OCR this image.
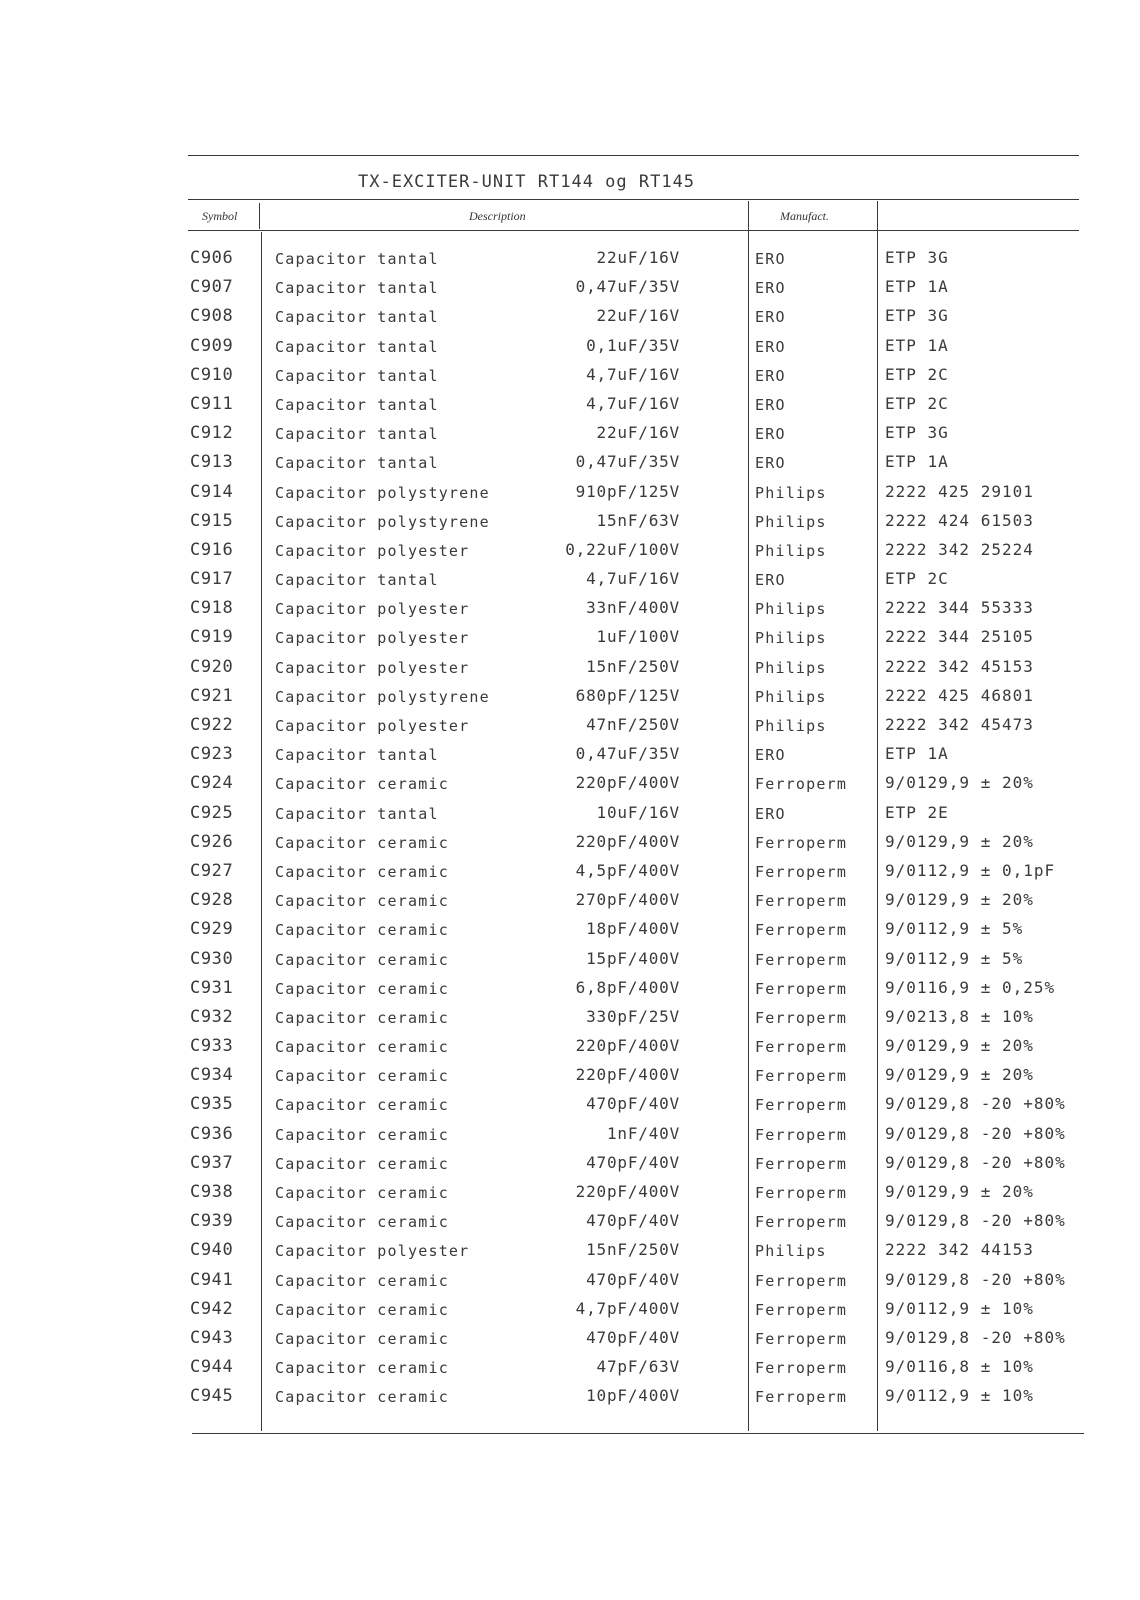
TX-EXCITER-UNIT RT144 og RT145
Symbol	Description	Manufact.
C906	Capacitor tantal	22uF/16V	ERO	ETP 3G
C907	Capacitor tantal	0,47uF/35V	ERO	ETP 1A
C908	Capacitor tantal	22uF/16V	ERO	ETP 3G
C909	Capacitor tantal	0,1uF/35V	ERO	ETP 1A
C910	Capacitor tantal	4,7uF/16V	ERO	ETP 2C
C911	Capacitor tantal	4,7uF/16V	ERO	ETP 2C
C912	Capacitor tantal	22uF/16V	ERO	ETP 3G
C913	Capacitor tantal	0,47uF/35V	ERO	ETP 1A
C914	Capacitor polystyrene	910pF/125V	Philips	2222 425 29101
C915	Capacitor polystyrene	15nF/63V	Philips	2222 424 61503
C916	Capacitor polyester	0,22uF/100V	Philips	2222 342 25224
C917	Capacitor tantal	4,7uF/16V	ERO	ETP 2C
C918	Capacitor polyester	33nF/400V	Philips	2222 344 55333
C919	Capacitor polyester	1uF/100V	Philips	2222 344 25105
C920	Capacitor polyester	15nF/250V	Philips	2222 342 45153
C921	Capacitor polystyrene	680pF/125V	Philips	2222 425 46801
C922	Capacitor polyester	47nF/250V	Philips	2222 342 45473
C923	Capacitor tantal	0,47uF/35V	ERO	ETP 1A
C924	Capacitor ceramic	220pF/400V	Ferroperm 9/0129,9 ± 20%
C925	Capacitor tantal	10uF/16V	ERO	ETP 2E
C926	Capacitor ceramic	220pF/400V	Ferroperm 9/0129,9 ± 20%
C927	Capacitor ceramic	4,5pF/400V	Ferroperm 9/0112,9 ± 0,1pF
C928	Capacitor ceramic	270pF/400V	Ferroperm 9/0129,9 ± 20%
C929	Capacitor ceramic	18pF/400V	Ferroperm 9/0112,9 ± 5%
C930	Capacitor ceramic	15pF/400V	Ferroperm 9/0112,9 ± 5%
C931	Capacitor ceramic	6,8pF/400V	Ferroperm 9/0116,9 ± 0,25%
C932	Capacitor ceramic	330pF/25V	Ferroperm 9/0213,8 ± 10%
C933	Capacitor ceramic	220pF/400V	Ferroperm 9/0129,9 ± 20%
C934	Capacitor ceramic	220pF/400V	Ferroperm 9/0129,9 ± 20%
C935	Capacitor ceramic	470pF/40V	Ferroperm 9/0129,8 -20 +80%
C936	Capacitor ceramic	1nF/40V	Ferroperm 9/0129,8 -20 +80%
C937	Capacitor ceramic	470pF/40V	Ferroperm 9/0129,8 -20 +80%
C938	Capacitor ceramic	220pF/400V	Ferroperm 9/0129,9 ± 20%
C939	Capacitor ceramic	470pF/40V	Ferroperm 9/0129,8 -20 +80%
C940	Capacitor polyester	15nF/250V	Philips	2222 342 44153
C941	Capacitor ceramic	470pF/40V	Ferroperm 9/0129,8 -20 +80%
C942	Capacitor ceramic	4,7pF/400V	Ferroperm 9/0112,9 ± 10%
C943	Capacitor ceramic	470pF/40V	Ferroperm 9/0129,8 -20 +80%
C944	Capacitor ceramic	47pF/63V	Ferroperm 9/0116,8 ± 10%
C945	Capacitor ceramic	10pF/400V	Ferroperm 9/0112,9 ± 10%
